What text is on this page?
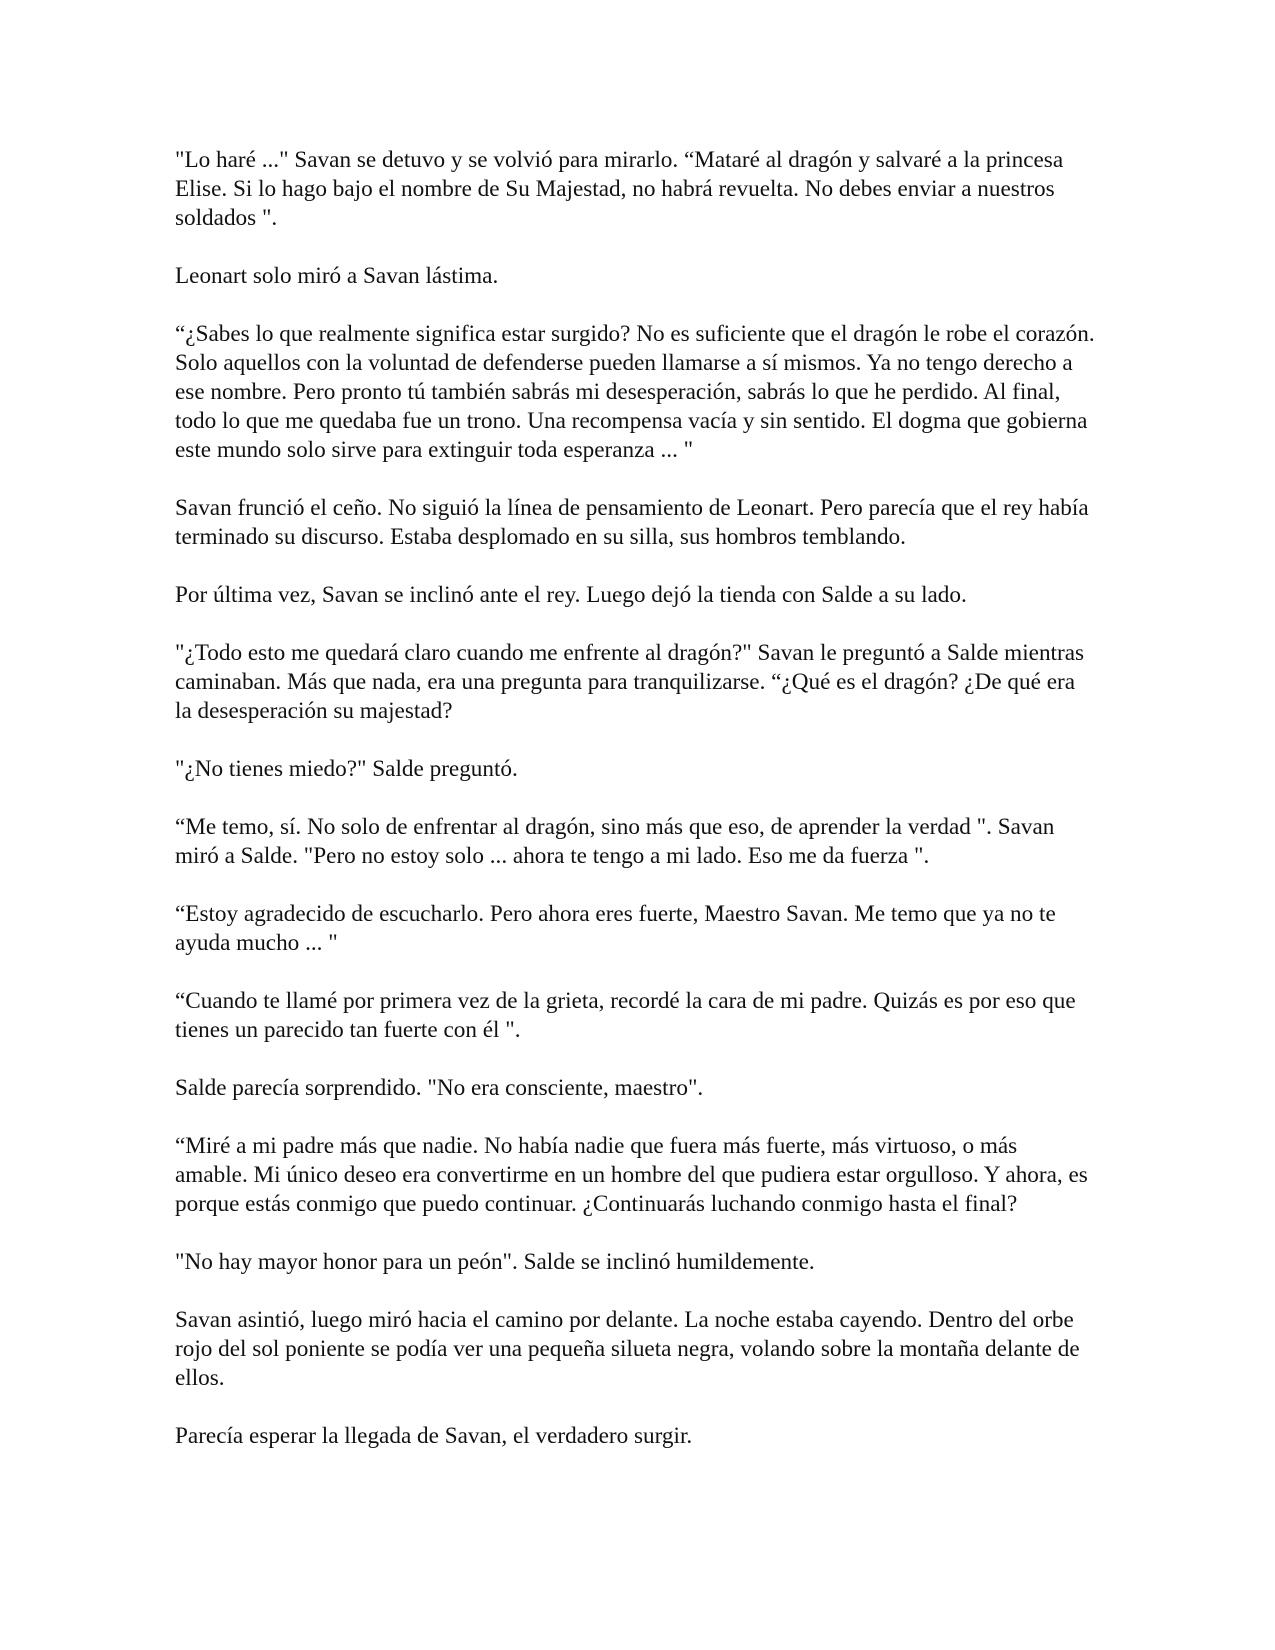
"Lo haré ..." Savan se detuvo y se volvió para mirarlo. “Mataré al dragón y salvaré a la princesa Elise. Si lo hago bajo el nombre de Su Majestad, no habrá revuelta. No debes enviar a nuestros soldados ".

Leonart solo miró a Savan lástima.

“¿Sabes lo que realmente significa estar surgido? No es suficiente que el dragón le robe el corazón. Solo aquellos con la voluntad de defenderse pueden llamarse a sí mismos. Ya no tengo derecho a ese nombre. Pero pronto tú también sabrás mi desesperación, sabrás lo que he perdido. Al final, todo lo que me quedaba fue un trono. Una recompensa vacía y sin sentido. El dogma que gobierna este mundo solo sirve para extinguir toda esperanza ... "

Savan frunció el ceño. No siguió la línea de pensamiento de Leonart. Pero parecía que el rey había terminado su discurso. Estaba desplomado en su silla, sus hombros temblando.

Por última vez, Savan se inclinó ante el rey. Luego dejó la tienda con Salde a su lado.

"¿Todo esto me quedará claro cuando me enfrente al dragón?" Savan le preguntó a Salde mientras caminaban. Más que nada, era una pregunta para tranquilizarse. “¿Qué es el dragón? ¿De qué era la desesperación su majestad?

"¿No tienes miedo?" Salde preguntó.

“Me temo, sí. No solo de enfrentar al dragón, sino más que eso, de aprender la verdad ". Savan miró a Salde. "Pero no estoy solo ... ahora te tengo a mi lado. Eso me da fuerza ".

“Estoy agradecido de escucharlo. Pero ahora eres fuerte, Maestro Savan. Me temo que ya no te ayuda mucho ... "

“Cuando te llamé por primera vez de la grieta, recordé la cara de mi padre. Quizás es por eso que tienes un parecido tan fuerte con él ".

Salde parecía sorprendido. "No era consciente, maestro".

“Miré a mi padre más que nadie. No había nadie que fuera más fuerte, más virtuoso, o más amable. Mi único deseo era convertirme en un hombre del que pudiera estar orgulloso. Y ahora, es porque estás conmigo que puedo continuar. ¿Continuarás luchando conmigo hasta el final?

"No hay mayor honor para un peón". Salde se inclinó humildemente.

Savan asintió, luego miró hacia el camino por delante. La noche estaba cayendo. Dentro del orbe rojo del sol poniente se podía ver una pequeña silueta negra, volando sobre la montaña delante de ellos.

Parecía esperar la llegada de Savan, el verdadero surgir.
